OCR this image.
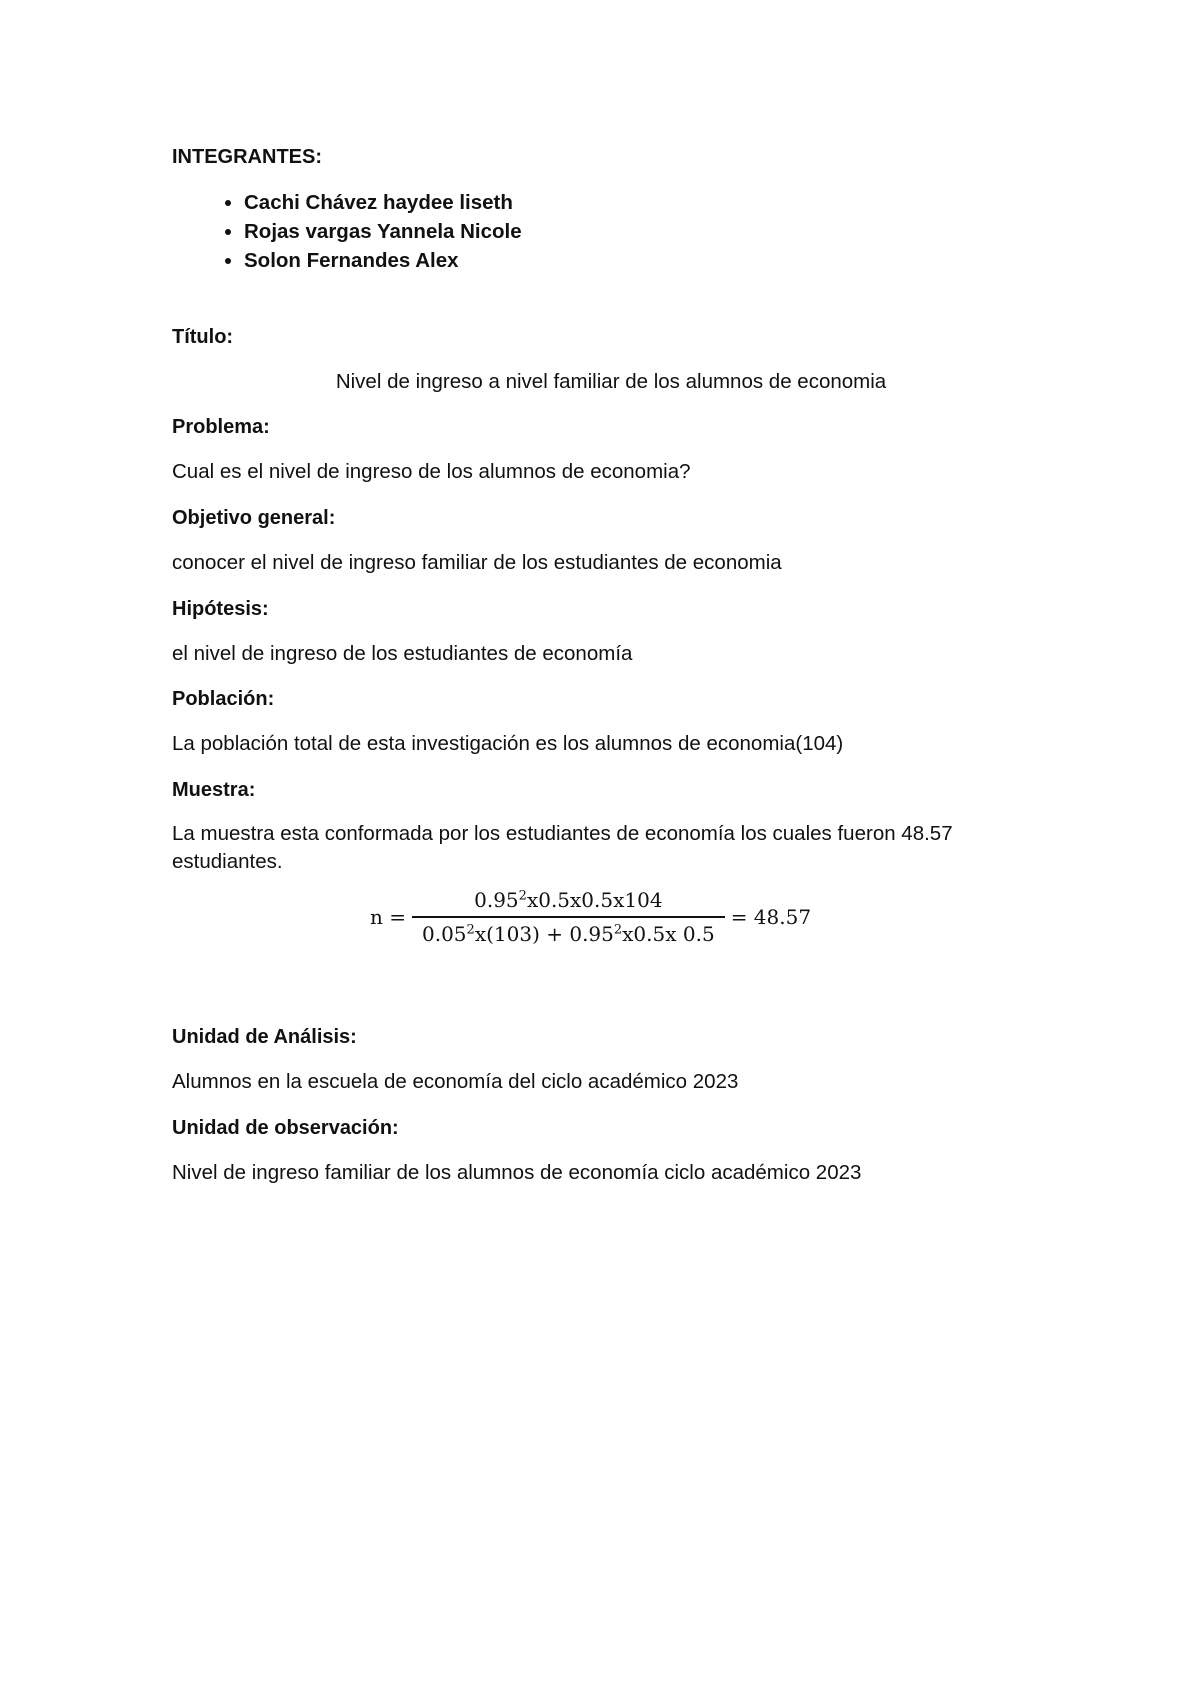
INTEGRANTES:
• Cachi Chávez haydee liseth
• Rojas vargas Yannela Nicole
• Solon Fernandes Alex
Título:
Nivel de ingreso a nivel familiar de los alumnos de economia
Problema:
Cual es el nivel de ingreso de los alumnos de economia?
Objetivo general:
conocer el nivel de ingreso familiar de los estudiantes de economia
Hipótesis:
el nivel de ingreso de los estudiantes de economía
Población:
La población total de esta investigación es los alumnos de economia(104)
Muestra:
La muestra esta conformada por los estudiantes de economía los cuales fueron 48.57 estudiantes.
$n = \frac{0.95^2x0.5x0.5x104}{0.05^2x(103) + 0.95^2x0.5x 0.5} = 48.57$
Unidad de Análisis:
Alumnos en la escuela de economía del ciclo académico 2023
Unidad de observación:
Nivel de ingreso familiar de los alumnos de economía ciclo académico 2023
